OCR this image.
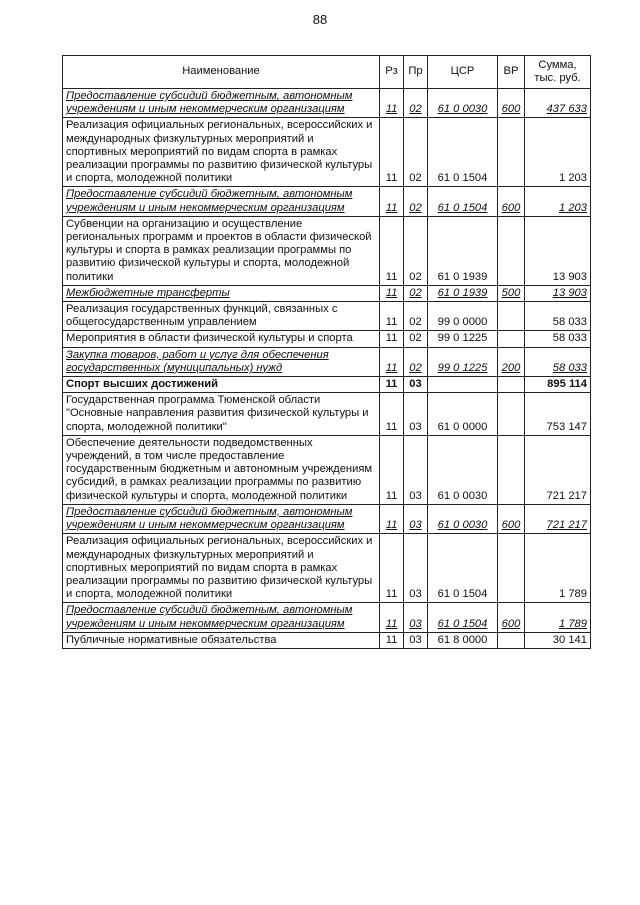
88
Наименование	Рз	Пр	ЦСР	ВР	Сумма, тыс. руб.
Предоставление субсидий бюджетным, автономным учреждениям и иным некоммерческим организациям	11	02	61 0 0030	600	437 633
Реализация официальных региональных, всероссийских и международных физкультурных мероприятий и спортивных мероприятий по видам спорта в рамках реализации программы по развитию физической культуры и спорта, молодежной политики	11	02	61 0 1504		1 203
Предоставление субсидий бюджетным, автономным учреждениям и иным некоммерческим организациям	11	02	61 0 1504	600	1 203
Субвенции на организацию и осуществление региональных программ и проектов в области физической культуры и спорта в рамках реализации программы по развитию физической культуры и спорта, молодежной политики	11	02	61 0 1939		13 903
Межбюджетные трансферты	11	02	61 0 1939	500	13 903
Реализация государственных функций, связанных с общегосударственным управлением	11	02	99 0 0000		58 033
Мероприятия в области физической культуры и спорта	11	02	99 0 1225		58 033
Закупка товаров, работ и услуг для обеспечения государственных (муниципальных) нужд	11	02	99 0 1225	200	58 033
Спорт высших достижений	11	03			895 114
Государственная программа Тюменской области "Основные направления развития физической культуры и спорта, молодежной политики"	11	03	61 0 0000		753 147
Обеспечение деятельности подведомственных учреждений, в том числе предоставление государственным бюджетным и автономным учреждениям субсидий, в рамках реализации программы по развитию физической культуры и спорта, молодежной политики	11	03	61 0 0030		721 217
Предоставление субсидий бюджетным, автономным учреждениям и иным некоммерческим организациям	11	03	61 0 0030	600	721 217
Реализация официальных региональных, всероссийских и международных физкультурных мероприятий и спортивных мероприятий по видам спорта в рамках реализации программы по развитию физической культуры и спорта, молодежной политики	11	03	61 0 1504		1 789
Предоставление субсидий бюджетным, автономным учреждениям и иным некоммерческим организациям	11	03	61 0 1504	600	1 789
Публичные нормативные обязательства	11	03	61 8 0000		30 141
